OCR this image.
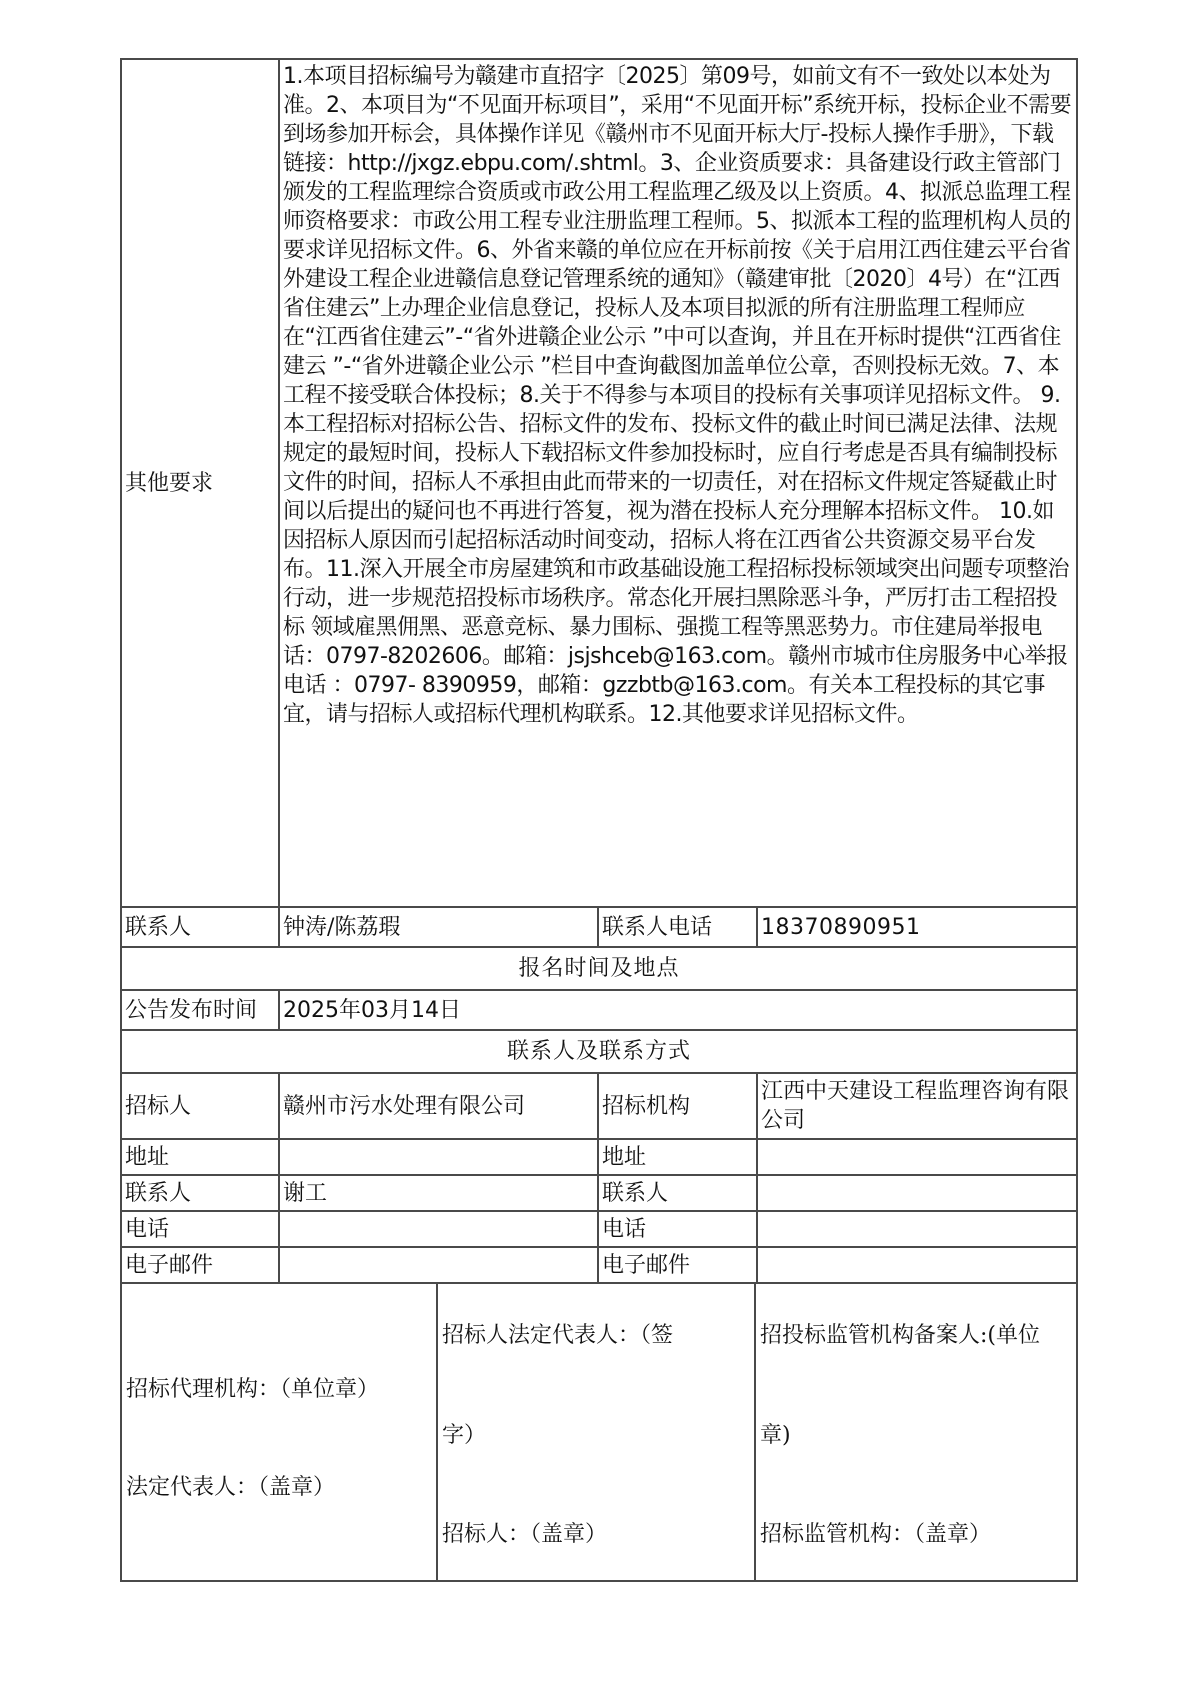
其他要求	1.本项目招标编号为赣建市直招字〔2025〕第09号，如前文有不一致处以本处为准。2、本项目为“不见面开标项目”，采用“不见面开标”系统开标，投标企业不需要到场参加开标会，具体操作详见《赣州市不见面开标大厅-投标人操作手册》，下载链接：http://jxgz.ebpu.com/.shtml。3、企业资质要求：具备建设行政主管部门颁发的工程监理综合资质或市政公用工程监理乙级及以上资质。4、拟派总监理工程师资格要求：市政公用工程专业注册监理工程师。5、拟派本工程的监理机构人员的要求详见招标文件。6、外省来赣的单位应在开标前按《关于启用江西住建云平台省外建设工程企业进赣信息登记管理系统的通知》（赣建审批〔2020〕4号）在“江西省住建云”上办理企业信息登记，投标人及本项目拟派的所有注册监理工程师应在“江西省住建云”-“省外进赣企业公示 ”中可以查询，并且在开标时提供“江西省住建云 ”-“省外进赣企业公示 ”栏目中查询截图加盖单位公章，否则投标无效。7、本工程不接受联合体投标；8.关于不得参与本项目的投标有关事项详见招标文件。 9.本工程招标对招标公告、招标文件的发布、投标文件的截止时间已满足法律、法规规定的最短时间，投标人下载招标文件参加投标时，应自行考虑是否具有编制投标文件的时间，招标人不承担由此而带来的一切责任，对在招标文件规定答疑截止时间以后提出的疑问也不再进行答复，视为潜在投标人充分理解本招标文件。 10.如因招标人原因而引起招标活动时间变动，招标人将在江西省公共资源交易平台发布。11.深入开展全市房屋建筑和市政基础设施工程招标投标领域突出问题专项整治行动，进一步规范招投标市场秩序。常态化开展扫黑除恶斗争，严厉打击工程招投标 领域雇黑佣黑、恶意竞标、暴力围标、强揽工程等黑恶势力。市住建局举报电话：0797-8202606。邮箱：jsjshceb@163.com。赣州市城市住房服务中心举报电话 ：0797- 8390959，邮箱：gzzbtb@163.com。有关本工程投标的其它事宜，请与招标人或招标代理机构联系。12.其他要求详见招标文件。		
联系人	钟涛/陈荔瑕	联系人电话	18370890951
报名时间及地点			
公告发布时间	2025年03月14日		
联系人及联系方式			
招标人	赣州市污水处理有限公司	招标机构	江西中天建设工程监理咨询有限公司
地址		地址	
联系人	谢工	联系人	
电话		电话	
电子邮件		电子邮件	
招标代理机构：（单位章）
法定代表人：（盖章）

招标人法定代表人：（签
字）
招标人：（盖章）

招投标监管机构备案人:(单位
章)
招标监管机构：（盖章）
